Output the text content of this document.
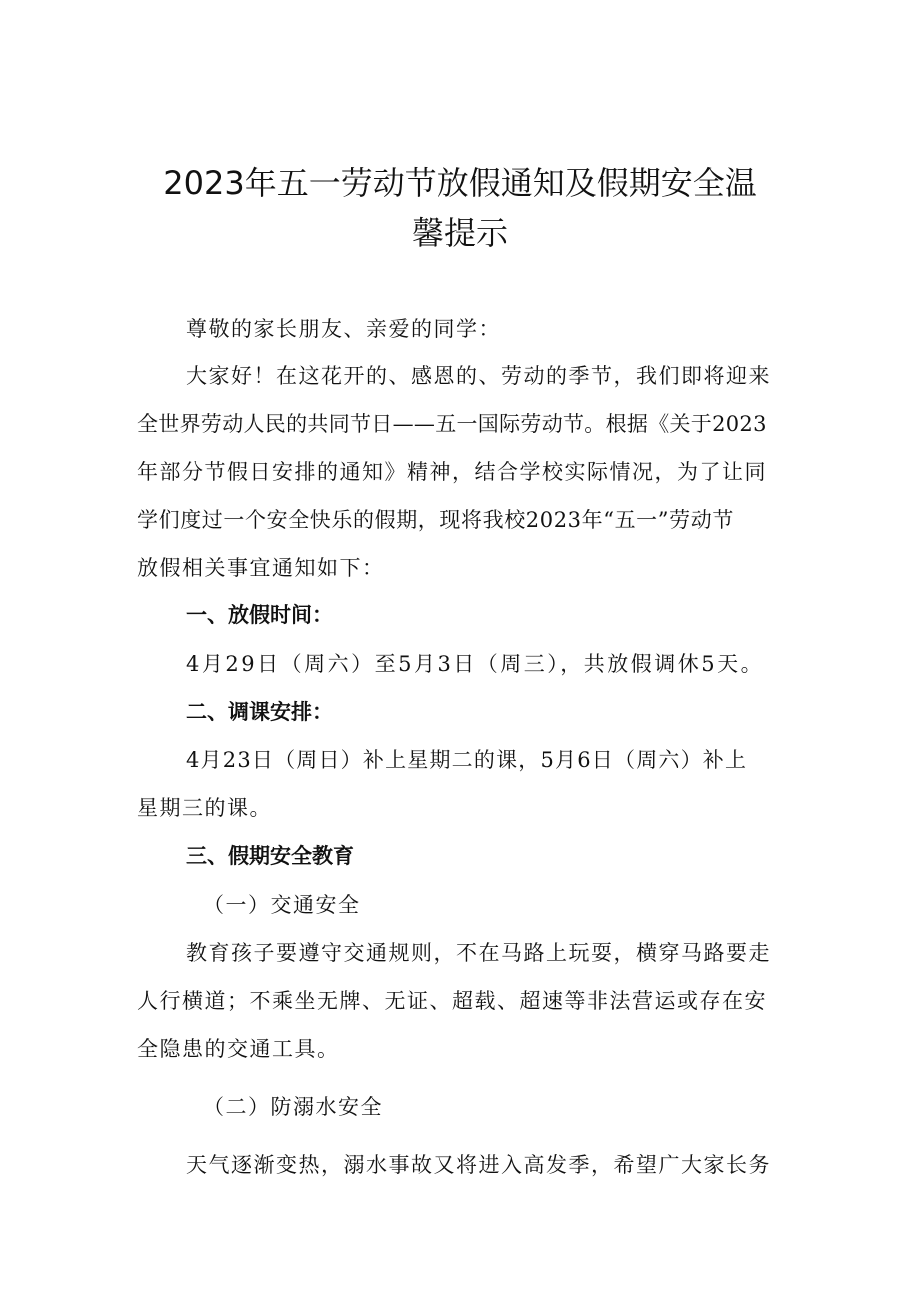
2023年五一劳动节放假通知及假期安全温
馨提示
尊敬的家长朋友、亲爱的同学：
大家好！在这花开的、感恩的、劳动的季节，我们即将迎来
全世界劳动人民的共同节日——五一国际劳动节。根据《关于2023
年部分节假日安排的通知》精神，结合学校实际情况，为了让同
学们度过一个安全快乐的假期，现将我校2023年“五一”劳动节
放假相关事宜通知如下：
一、放假时间：
4月29日（周六）至5月3日（周三），共放假调休5天。
二、调课安排：
4月23日（周日）补上星期二的课，5月6日（周六）补上
星期三的课。
三、假期安全教育
（一）交通安全
教育孩子要遵守交通规则，不在马路上玩耍，横穿马路要走
人行横道；不乘坐无牌、无证、超载、超速等非法营运或存在安
全隐患的交通工具。
（二）防溺水安全
天气逐渐变热，溺水事故又将进入高发季，希望广大家长务
